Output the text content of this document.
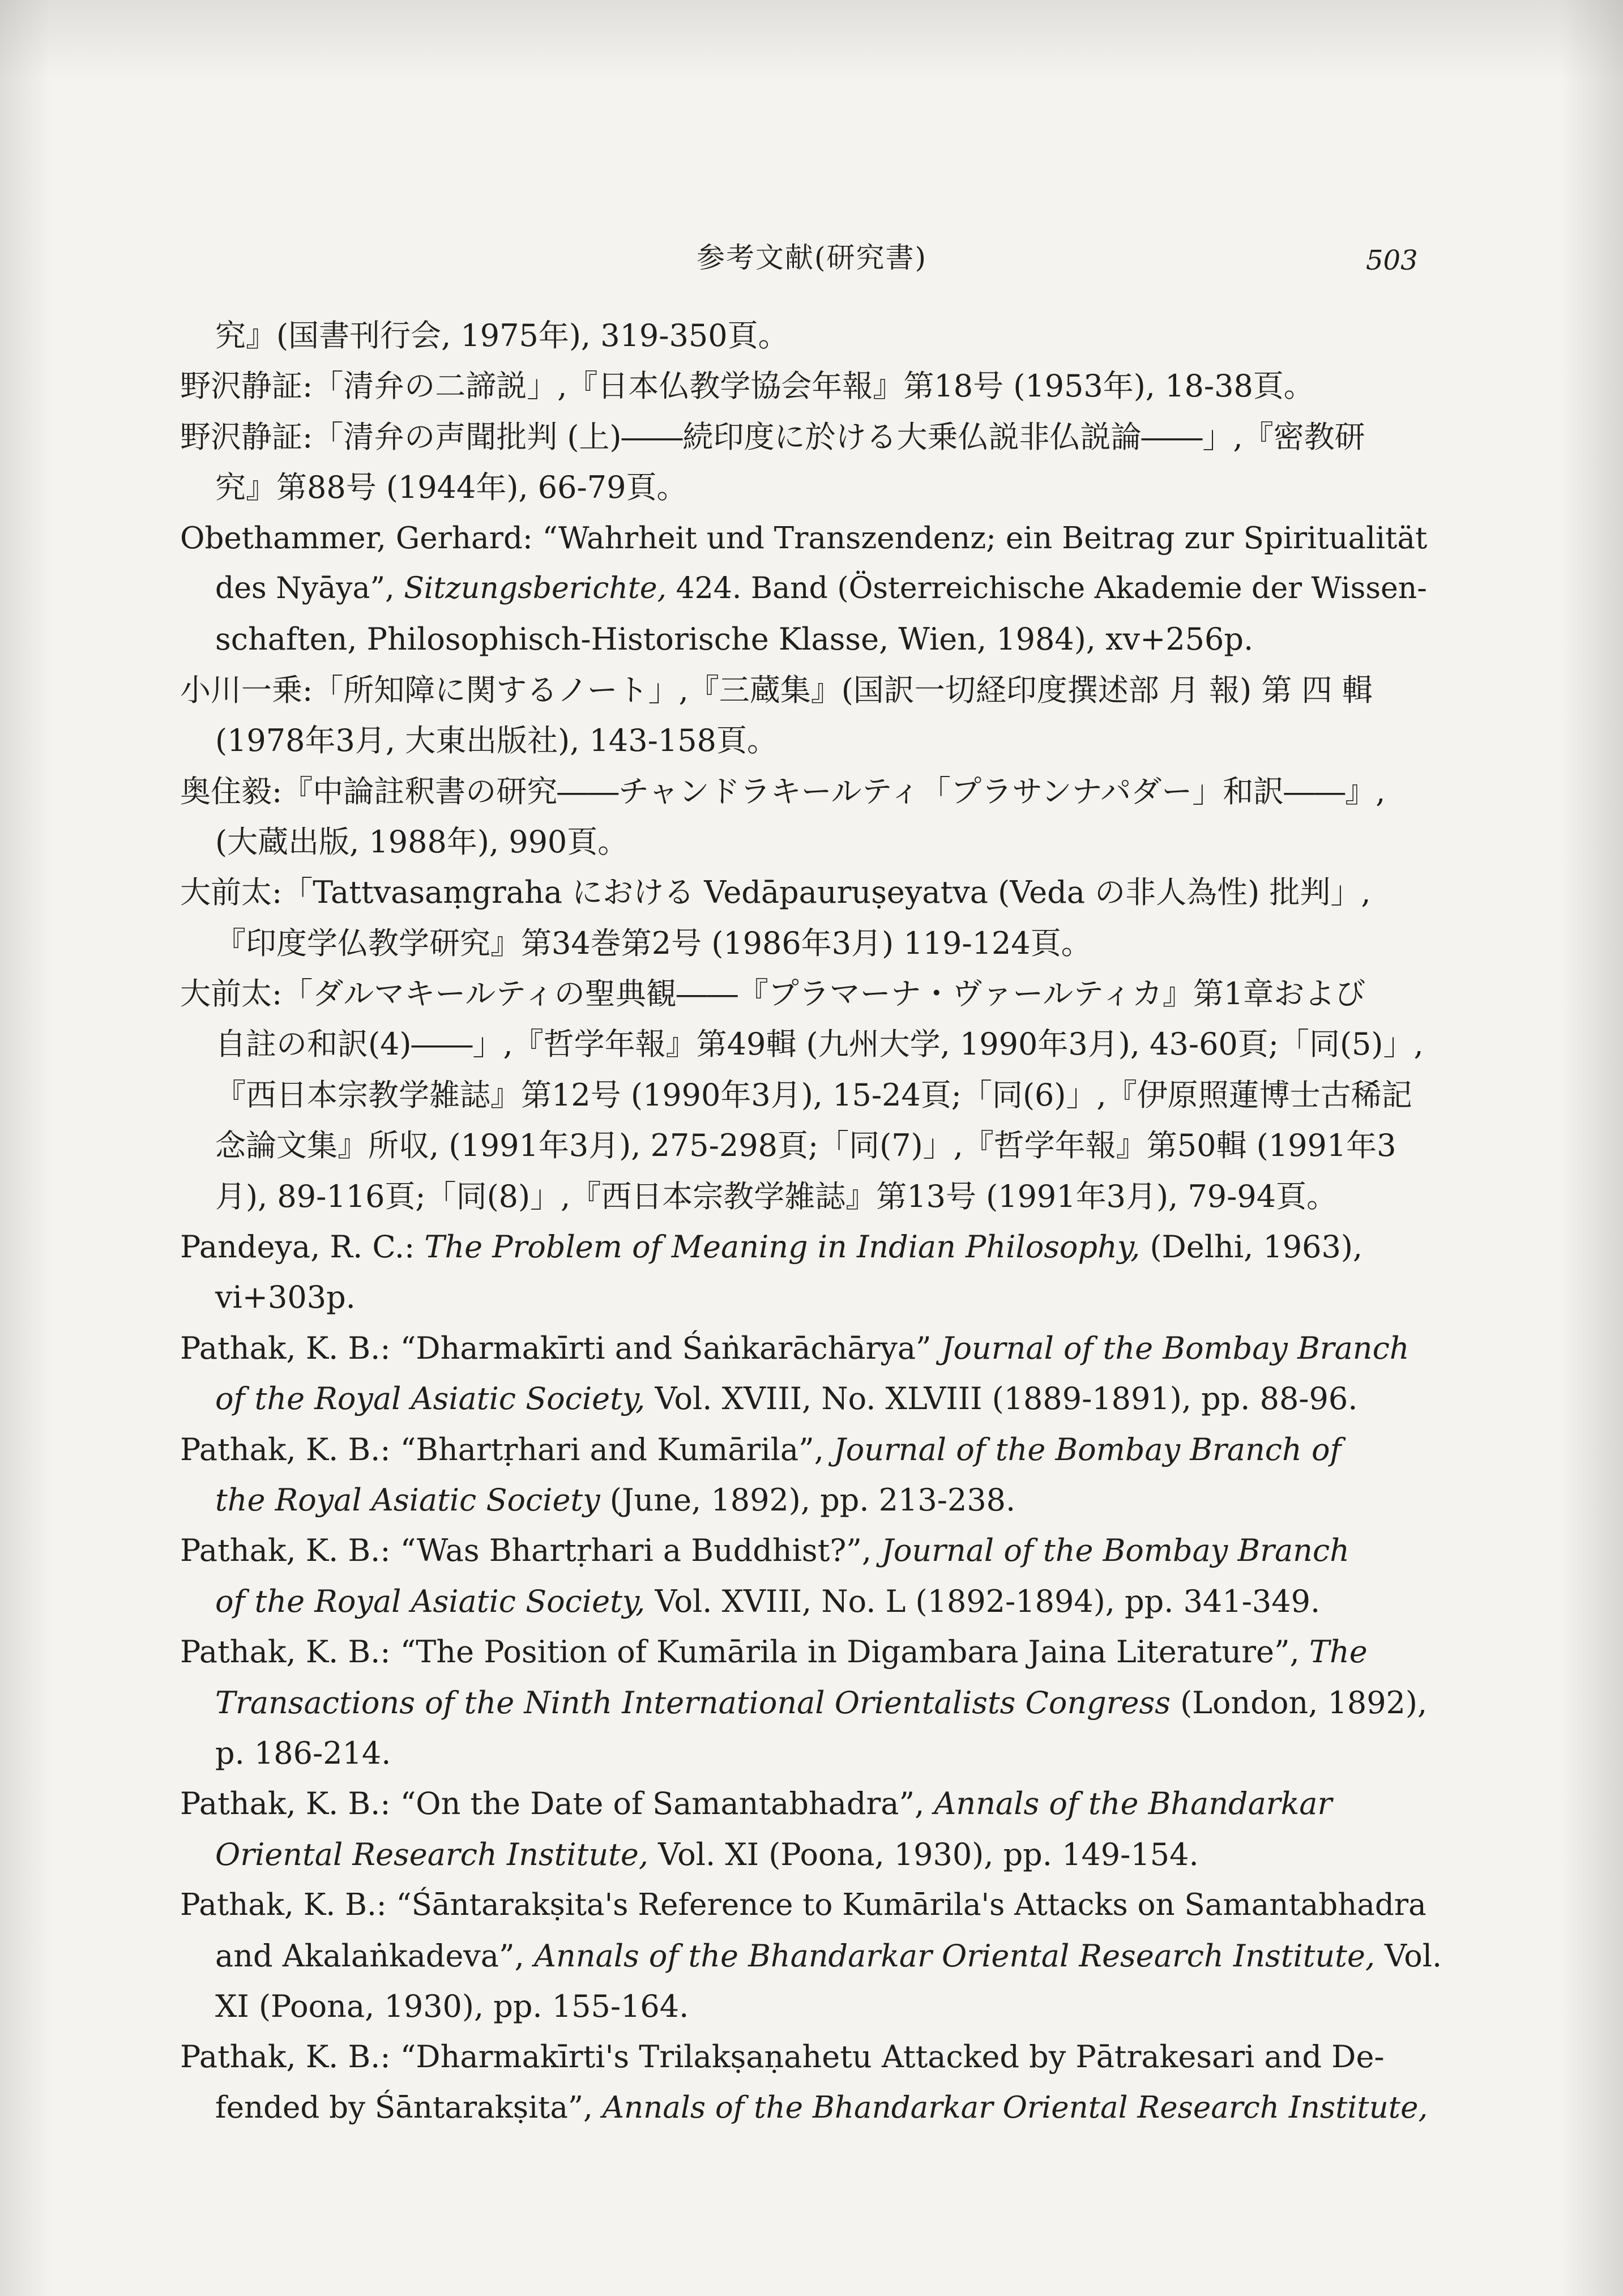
参考文献(研究書)	503
究』(国書刊行会, 1975年), 319-350頁。
野沢静証:「清弁の二諦説」,『日本仏教学協会年報』第18号 (1953年), 18-38頁。
野沢静証:「清弁の声聞批判 (上)――続印度に於ける大乗仏説非仏説論――」,『密教研
究』第88号 (1944年), 66-79頁。
Obethammer, Gerhard: “Wahrheit und Transzendenz; ein Beitrag zur Spiritualität
des Nyāya”, Sitzungsberichte, 424. Band (Österreichische Akademie der Wissen-
schaften, Philosophisch-Historische Klasse, Wien, 1984), xv+256p.
小川一乗:「所知障に関するノート」,『三蔵集』(国訳一切経印度撰述部 月 報) 第 四 輯
(1978年3月, 大東出版社), 143-158頁。
奥住毅:『中論註釈書の研究――チャンドラキールティ「プラサンナパダー」和訳――』,
(大蔵出版, 1988年), 990頁。
大前太:「Tattvasaṃgraha における Vedāpauruṣeyatva (Veda の非人為性) 批判」,
『印度学仏教学研究』第34巻第2号 (1986年3月) 119-124頁。
大前太:「ダルマキールティの聖典観――『プラマーナ・ヴァールティカ』第1章および
自註の和訳(4)――」,『哲学年報』第49輯 (九州大学, 1990年3月), 43-60頁;「同(5)」,
『西日本宗教学雑誌』第12号 (1990年3月), 15-24頁;「同(6)」,『伊原照蓮博士古稀記
念論文集』所収, (1991年3月), 275-298頁;「同(7)」,『哲学年報』第50輯 (1991年3
月), 89-116頁;「同(8)」,『西日本宗教学雑誌』第13号 (1991年3月), 79-94頁。
Pandeya, R. C.: The Problem of Meaning in Indian Philosophy, (Delhi, 1963),
vi+303p.
Pathak, K. B.: “Dharmakīrti and Śaṅkarāchārya” Journal of the Bombay Branch
of the Royal Asiatic Society, Vol. XVIII, No. XLVIII (1889-1891), pp. 88-96.
Pathak, K. B.: “Bhartṛhari and Kumārila”, Journal of the Bombay Branch of
the Royal Asiatic Society (June, 1892), pp. 213-238.
Pathak, K. B.: “Was Bhartṛhari a Buddhist?”, Journal of the Bombay Branch
of the Royal Asiatic Society, Vol. XVIII, No. L (1892-1894), pp. 341-349.
Pathak, K. B.: “The Position of Kumārila in Digambara Jaina Literature”, The
Transactions of the Ninth International Orientalists Congress (London, 1892),
p. 186-214.
Pathak, K. B.: “On the Date of Samantabhadra”, Annals of the Bhandarkar
Oriental Research Institute, Vol. XI (Poona, 1930), pp. 149-154.
Pathak, K. B.: “Śāntarakṣita's Reference to Kumārila's Attacks on Samantabhadra
and Akalaṅkadeva”, Annals of the Bhandarkar Oriental Research Institute, Vol.
XI (Poona, 1930), pp. 155-164.
Pathak, K. B.: “Dharmakīrti's Trilakṣaṇahetu Attacked by Pātrakesari and De-
fended by Śāntarakṣita”, Annals of the Bhandarkar Oriental Research Institute,
